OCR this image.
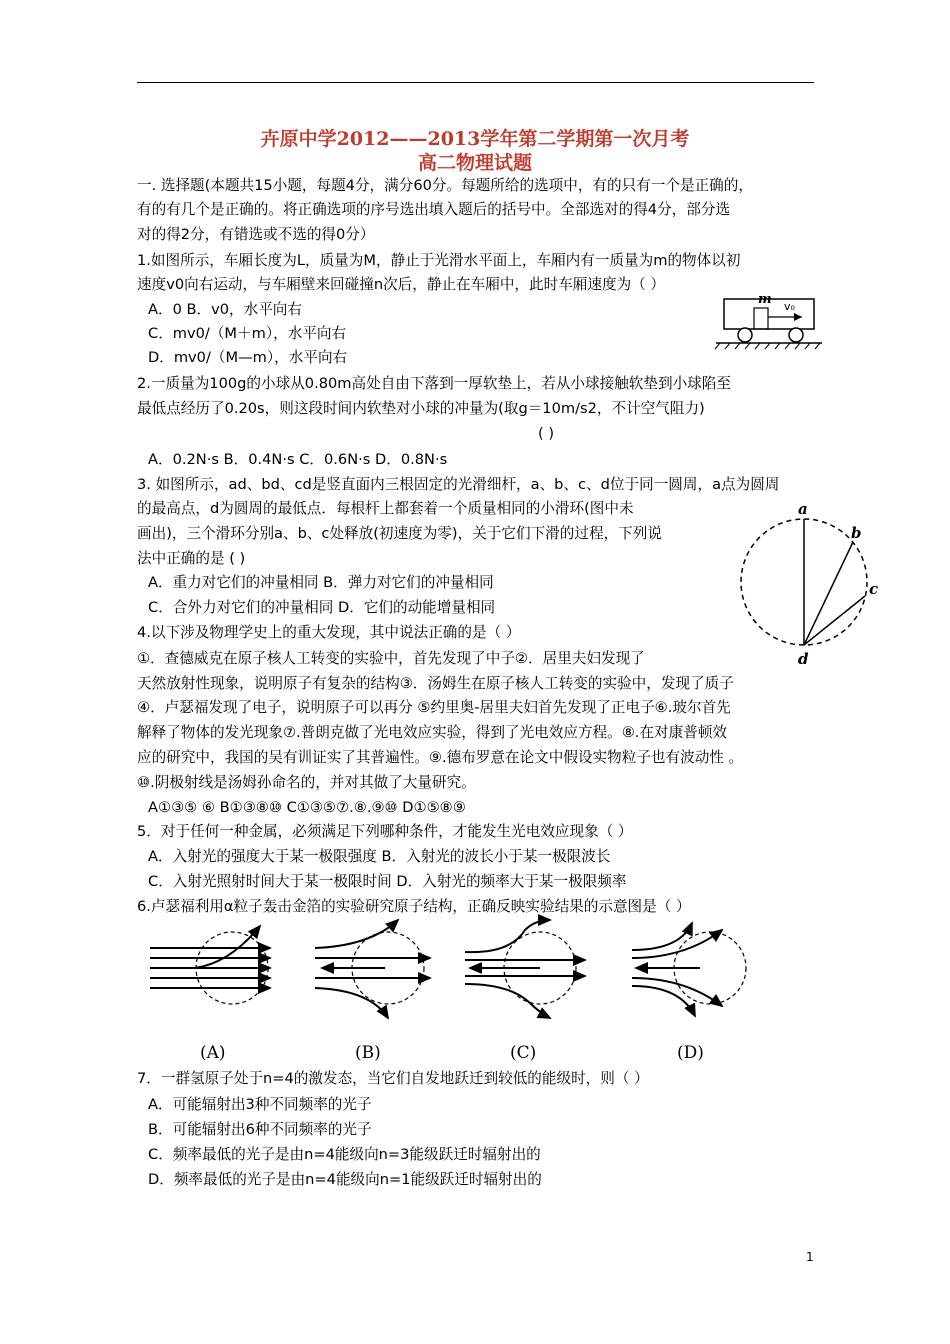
卉原中学2012——2013学年第二学期第一次月考
高二物理试题
一. 选择题(本题共15小题，每题4分，满分60分。每题所给的选项中，有的只有一个是正确的，
有的有几个是正确的。将正确选项的序号选出填入题后的括号中。全部选对的得4分，部分选
对的得2分，有错选或不选的得0分）
1.如图所示，车厢长度为L，质量为M，静止于光滑水平面上，车厢内有一质量为m的物体以初
速度v0向右运动，与车厢壁来回碰撞n次后，静止在车厢中，此时车厢速度为（ ）
A．0 B．v0，水平向右
C．mv0/（M＋m），水平向右
D．mv0/（M—m），水平向右
m v₀
2.一质量为100g的小球从0.80m高处自由下落到一厚软垫上，若从小球接触软垫到小球陷至
最低点经历了0.20s，则这段时间内软垫对小球的冲量为(取g＝10m/s2，不计空气阻力)
( )
A．0.2N·s B．0.4N·s C．0.6N·s D．0.8N·s
3. 如图所示，ad、bd、cd是竖直面内三根固定的光滑细杆，a、b、c、d位于同一圆周，a点为圆周
的最高点，d为圆周的最低点．每根杆上都套着一个质量相同的小滑环(图中未
画出)，三个滑环分别a、b、c处释放(初速度为零)，关于它们下滑的过程，下列说
法中正确的是 ( )
A．重力对它们的冲量相同 B．弹力对它们的冲量相同
C．合外力对它们的冲量相同 D．它们的动能增量相同
a
b
c
d
4.以下涉及物理学史上的重大发现，其中说法正确的是（ ）
①．查德威克在原子核人工转变的实验中，首先发现了中子②．居里夫妇发现了
天然放射性现象，说明原子有复杂的结构③．汤姆生在原子核人工转变的实验中，发现了质子
④．卢瑟福发现了电子，说明原子可以再分 ⑤约里奥-居里夫妇首先发现了正电子⑥.玻尔首先
解释了物体的发光现象⑦.普朗克做了光电效应实验，得到了光电效应方程。⑧.在对康普顿效
应的研究中，我国的吴有训证实了其普遍性。⑨.德布罗意在论文中假设实物粒子也有波动性 。
⑩.阴极射线是汤姆孙命名的，并对其做了大量研究。
A①③⑤ ⑥ B①③⑧⑩ C①③⑤⑦.⑧.⑨⑩ D①⑤⑧⑨
5．对于任何一种金属，必须满足下列哪种条件，才能发生光电效应现象（ ）
A．入射光的强度大于某一极限强度 B．入射光的波长小于某一极限波长
C．入射光照射时间大于某一极限时间 D．入射光的频率大于某一极限频率
6.卢瑟福利用α粒子轰击金箔的实验研究原子结构，正确反映实验结果的示意图是（ ）
(A)	(B)	(C)	(D)
7．一群氢原子处于n=4的激发态，当它们自发地跃迁到较低的能级时，则（ ）
A．可能辐射出3种不同频率的光子
B．可能辐射出6种不同频率的光子
C．频率最低的光子是由n=4能级向n=3能级跃迁时辐射出的
D．频率最低的光子是由n=4能级向n=1能级跃迁时辐射出的
1
